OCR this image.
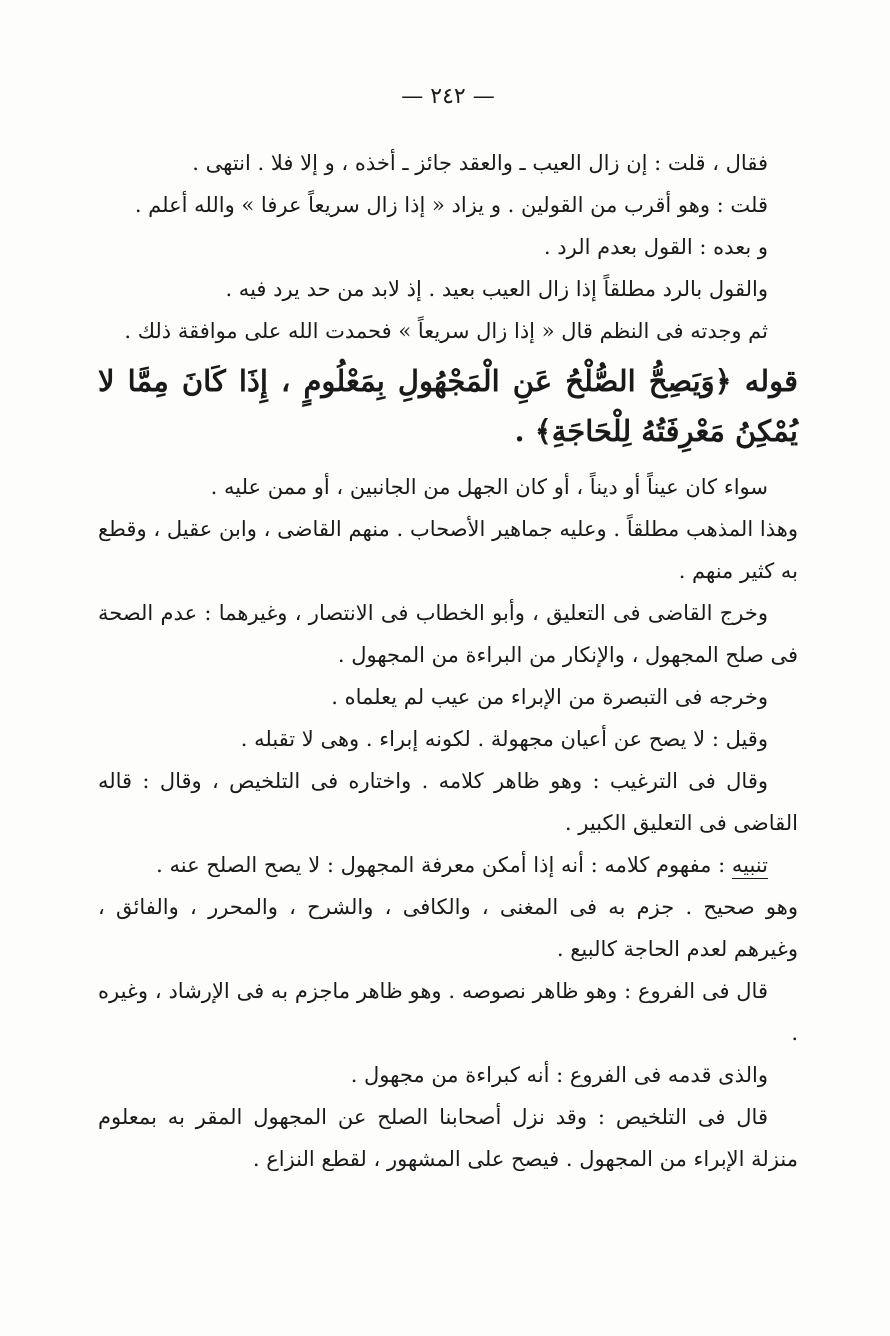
— ٢٤٢ —

فقال ، قلت : إن زال العيب ـ والعقد جائز ـ أخذه ، و إلا فلا . انتهى .

قلت : وهو أقرب من القولين . و يزاد « إذا زال سريعاً عرفا » والله أعلم .

و بعده : القول بعدم الرد .

والقول بالرد مطلقاً إذا زال العيب بعيد . إذ لابد من حد يرد فيه .

ثم وجدته فى النظم قال « إذا زال سريعاً » فحمدت الله على موافقة ذلك .

قوله ﴿وَيَصِحُّ الصُّلْحُ عَنِ الْمَجْهُولِ بِمَعْلُومٍ ، إِذَا كَانَ مِمَّا لا يُمْكِنُ مَعْرِفَتُهُ لِلْحَاجَةِ﴾ .

سواء كان عيناً أو ديناً ، أو كان الجهل من الجانبين ، أو ممن عليه .

وهذا المذهب مطلقاً . وعليه جماهير الأصحاب . منهم القاضى ، وابن عقيل ، وقطع به كثير منهم .

وخرج القاضى فى التعليق ، وأبو الخطاب فى الانتصار ، وغيرهما : عدم الصحة فى صلح المجهول ، والإنكار من البراءة من المجهول .

وخرجه فى التبصرة من الإبراء من عيب لم يعلماه .

وقيل : لا يصح عن أعيان مجهولة . لكونه إبراء . وهى لا تقبله .

وقال فى الترغيب : وهو ظاهر كلامه . واختاره فى التلخيص ، وقال : قاله القاضى فى التعليق الكبير .

تنبيه : مفهوم كلامه : أنه إذا أمكن معرفة المجهول : لا يصح الصلح عنه .

وهو صحيح . جزم به فى المغنى ، والكافى ، والشرح ، والمحرر ، والفائق ، وغيرهم لعدم الحاجة كالبيع .

قال فى الفروع : وهو ظاهر نصوصه . وهو ظاهر ماجزم به فى الإرشاد ، وغيره .

والذى قدمه فى الفروع : أنه كبراءة من مجهول .

قال فى التلخيص : وقد نزل أصحابنا الصلح عن المجهول المقر به بمعلوم منزلة الإبراء من المجهول . فيصح على المشهور ، لقطع النزاع .
